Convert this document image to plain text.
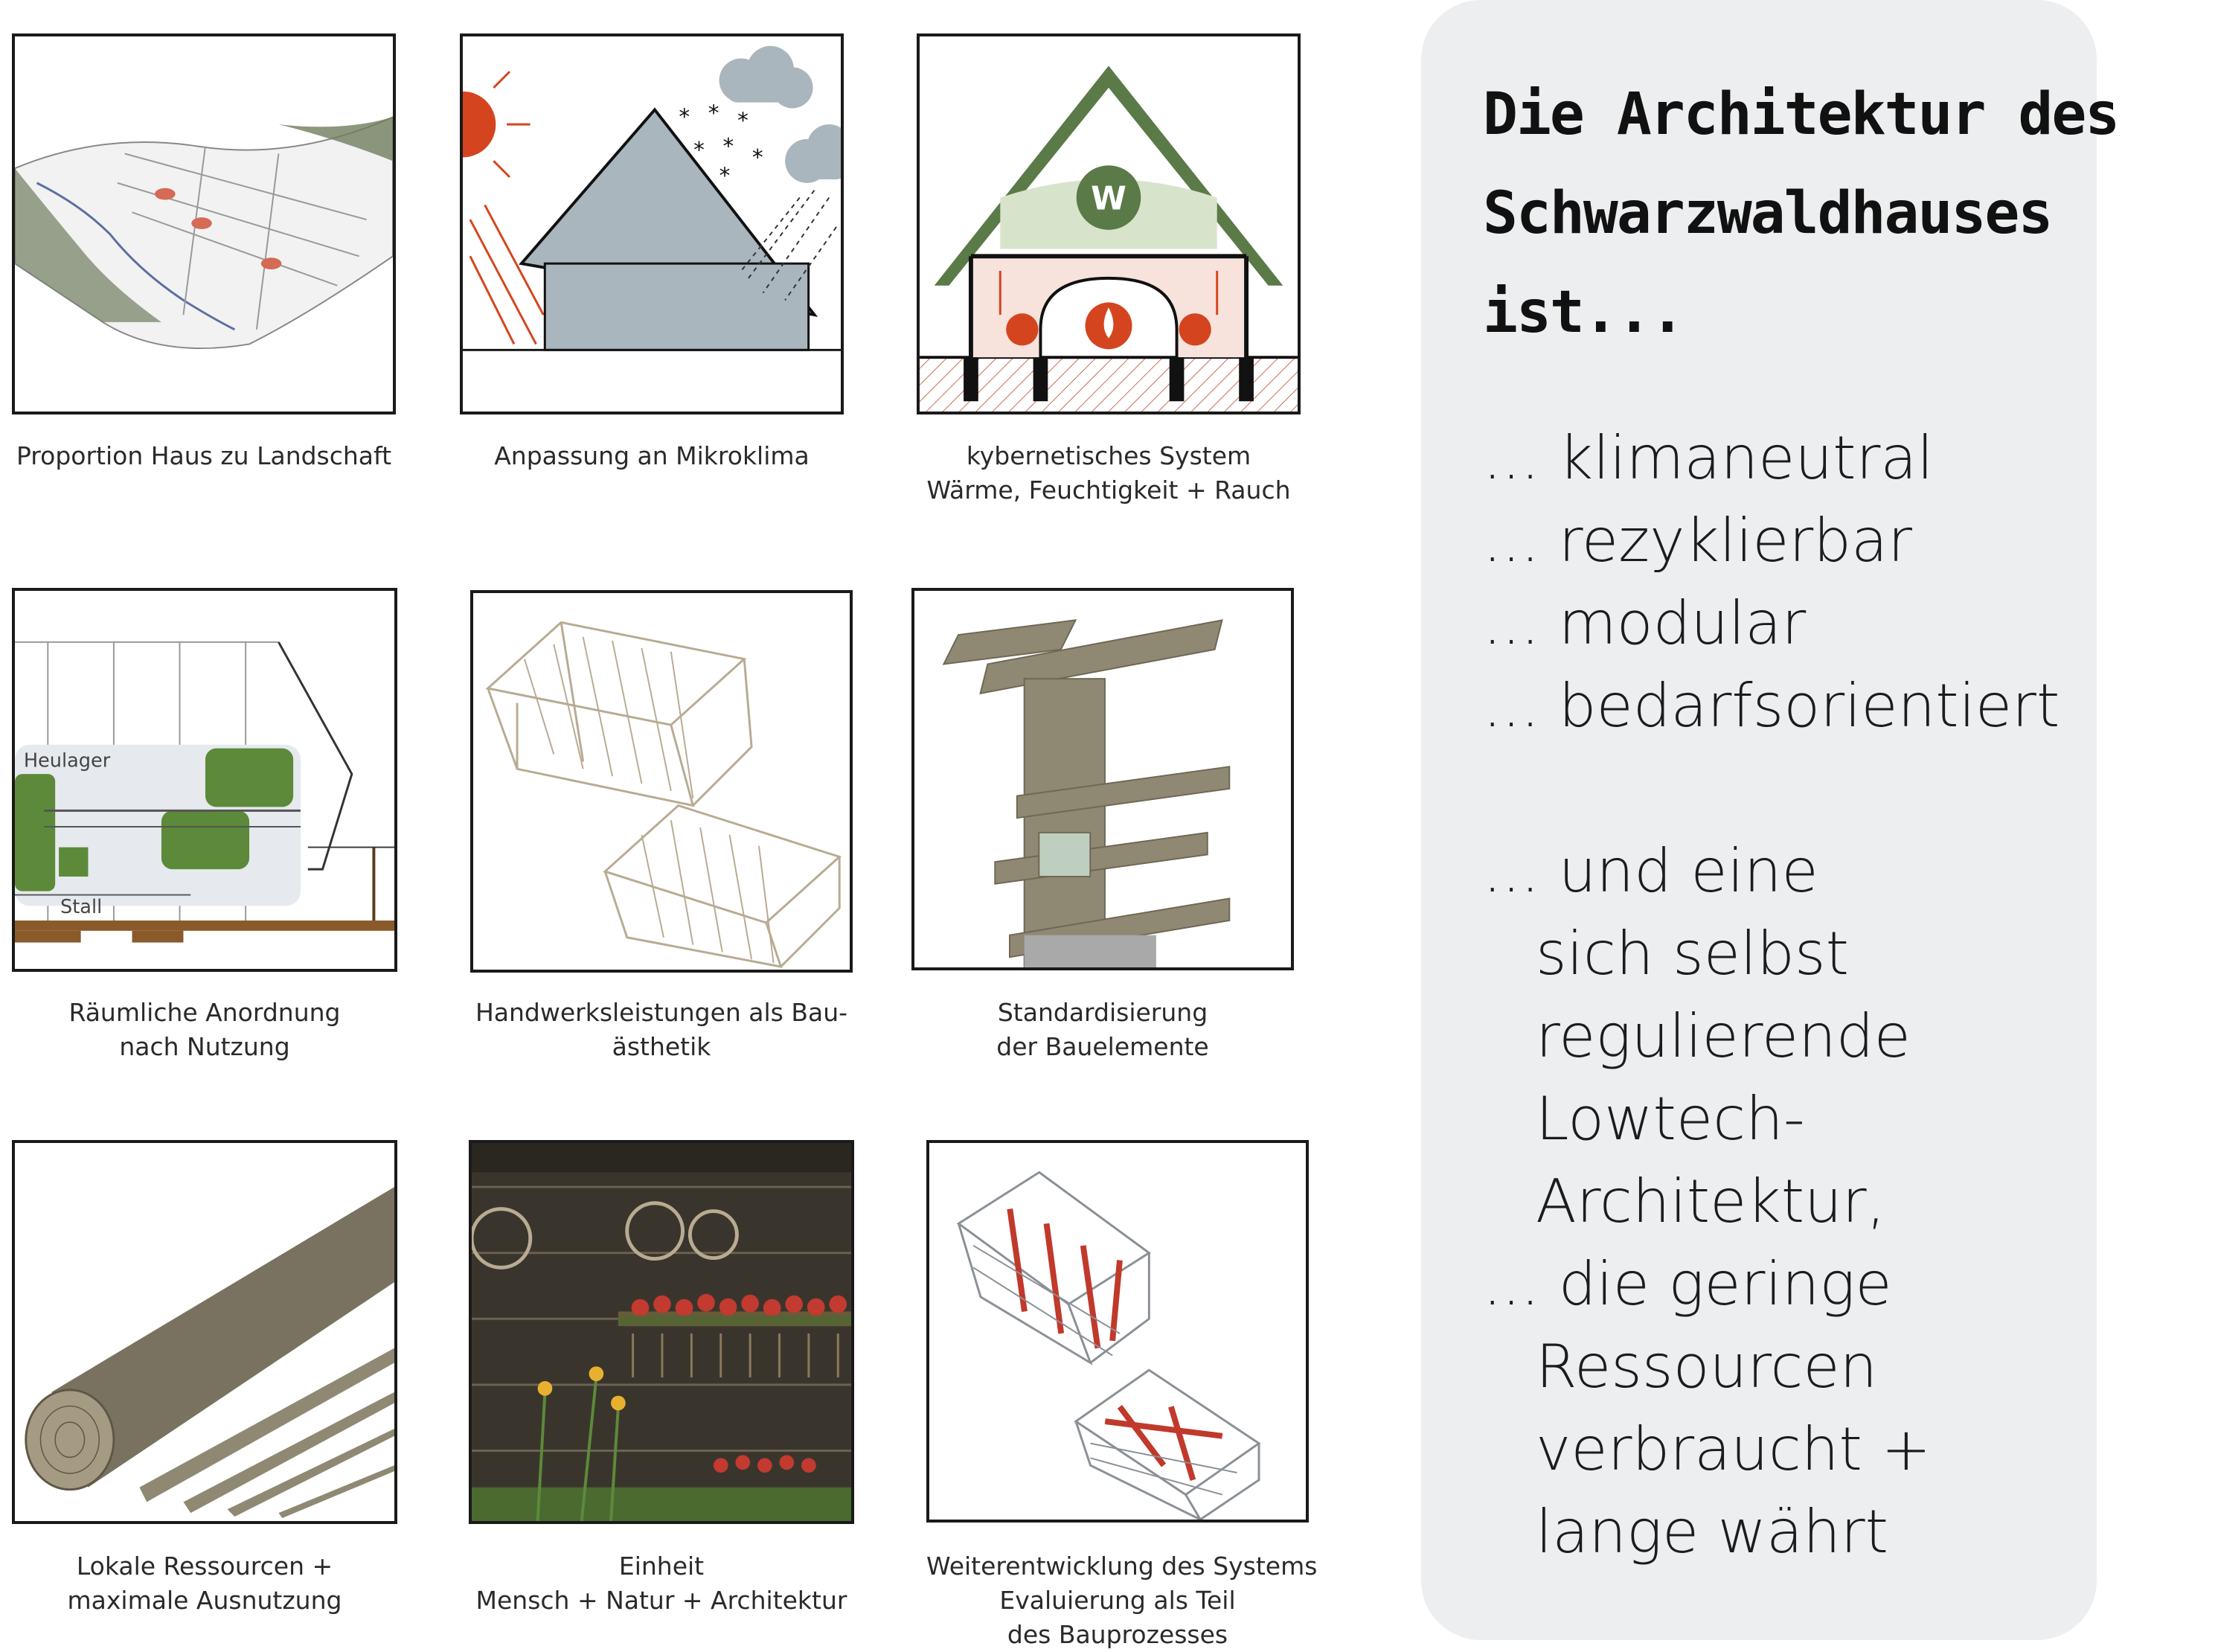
Proportion Haus zu Landschaft
* * *
* * *
*
Anpassung an Mikroklima
W
kybernetisches System
Wärme, Feuchtigkeit + Rauch
Heulager
Stall
Räumliche Anordnung
nach Nutzung
Handwerksleistungen als Bau-
ästhetik
Standardisierung
der Bauelemente
Lokale Ressourcen +
maximale Ausnutzung
Einheit
Mensch + Natur + Architektur
Weiterentwicklung des Systems
Evaluierung als Teil
des Bauprozesses
Die Architektur des
Schwarzwaldhauses
ist...
... klimaneutral
... rezyklierbar
... modular
... bedarfsorientiert
... und eine
sich selbst
regulierende
Lowtech-
Architektur,
... die geringe
Ressourcen
verbraucht +
lange währt
